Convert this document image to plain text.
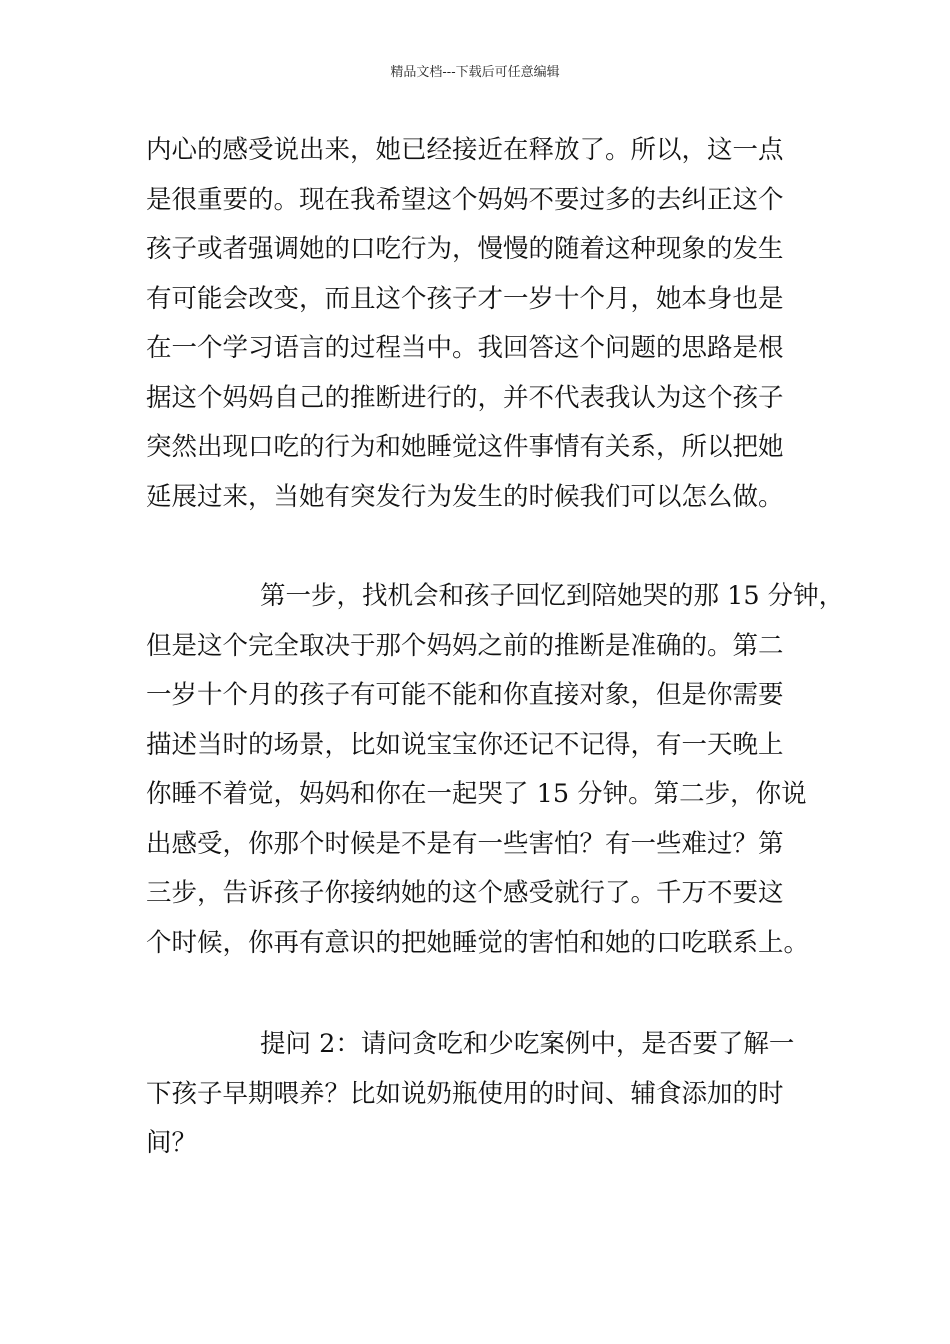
精品文档---下载后可任意编辑
内心的感受说出来，她已经接近在释放了。所以，这一点
是很重要的。现在我希望这个妈妈不要过多的去纠正这个
孩子或者强调她的口吃行为，慢慢的随着这种现象的发生
有可能会改变，而且这个孩子才一岁十个月，她本身也是
在一个学习语言的过程当中。我回答这个问题的思路是根
据这个妈妈自己的推断进行的，并不代表我认为这个孩子
突然出现口吃的行为和她睡觉这件事情有关系，所以把她
延展过来，当她有突发行为发生的时候我们可以怎么做。
第一步，找机会和孩子回忆到陪她哭的那 15 分钟，
但是这个完全取决于那个妈妈之前的推断是准确的。第二
一岁十个月的孩子有可能不能和你直接对象，但是你需要
描述当时的场景，比如说宝宝你还记不记得，有一天晚上
你睡不着觉，妈妈和你在一起哭了 15 分钟。第二步，你说
出感受，你那个时候是不是有一些害怕？有一些难过？第
三步，告诉孩子你接纳她的这个感受就行了。千万不要这
个时候，你再有意识的把她睡觉的害怕和她的口吃联系上。
提问 2：请问贪吃和少吃案例中，是否要了解一
下孩子早期喂养？比如说奶瓶使用的时间、辅食添加的时
间？
